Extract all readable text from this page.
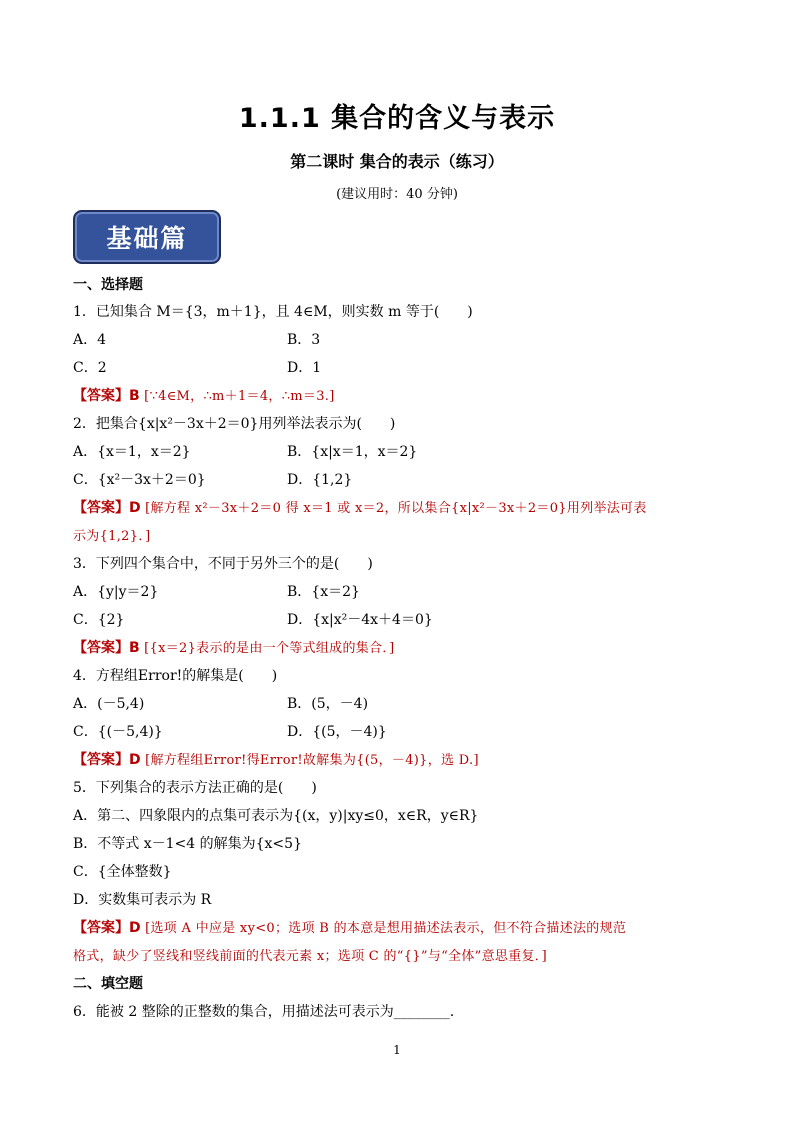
1.1.1 集合的含义与表示
第二课时 集合的表示（练习）
(建议用时：40 分钟)
基础篇
一、选择题
1．已知集合 M＝{3，m＋1}，且 4∈M，则实数 m 等于(　　)
A．4	B．3
C．2	D．1
【答案】B [∵4∈M，∴m＋1＝4，∴m＝3.]
2．把集合{x|x²－3x＋2＝0}用列举法表示为(　　)
A．{x＝1，x＝2}	B．{x|x＝1，x＝2}
C．{x²－3x＋2＝0}	D．{1,2}
【答案】D [解方程 x²－3x＋2＝0 得 x＝1 或 x＝2，所以集合{x|x²－3x＋2＝0}用列举法可表
示为{1,2}．]
3．下列四个集合中，不同于另外三个的是(　　)
A．{y|y＝2}	B．{x＝2}
C．{2}	D．{x|x²－4x＋4＝0}
【答案】B [{x＝2}表示的是由一个等式组成的集合．]
4．方程组Error!的解集是(　　)
A．(－5,4)	B．(5，－4)
C．{(－5,4)}	D．{(5，－4)}
【答案】D [解方程组Error!得Error!故解集为{(5，－4)}，选 D.]
5．下列集合的表示方法正确的是(　　)
A．第二、四象限内的点集可表示为{(x，y)|xy≤0，x∈R，y∈R}
B．不等式 x－1<4 的解集为{x<5}
C．{全体整数}
D．实数集可表示为 R
【答案】D [选项 A 中应是 xy<0；选项 B 的本意是想用描述法表示，但不符合描述法的规范
格式，缺少了竖线和竖线前面的代表元素 x；选项 C 的“{}”与“全体”意思重复．]
二、填空题
6．能被 2 整除的正整数的集合，用描述法可表示为________.
1
